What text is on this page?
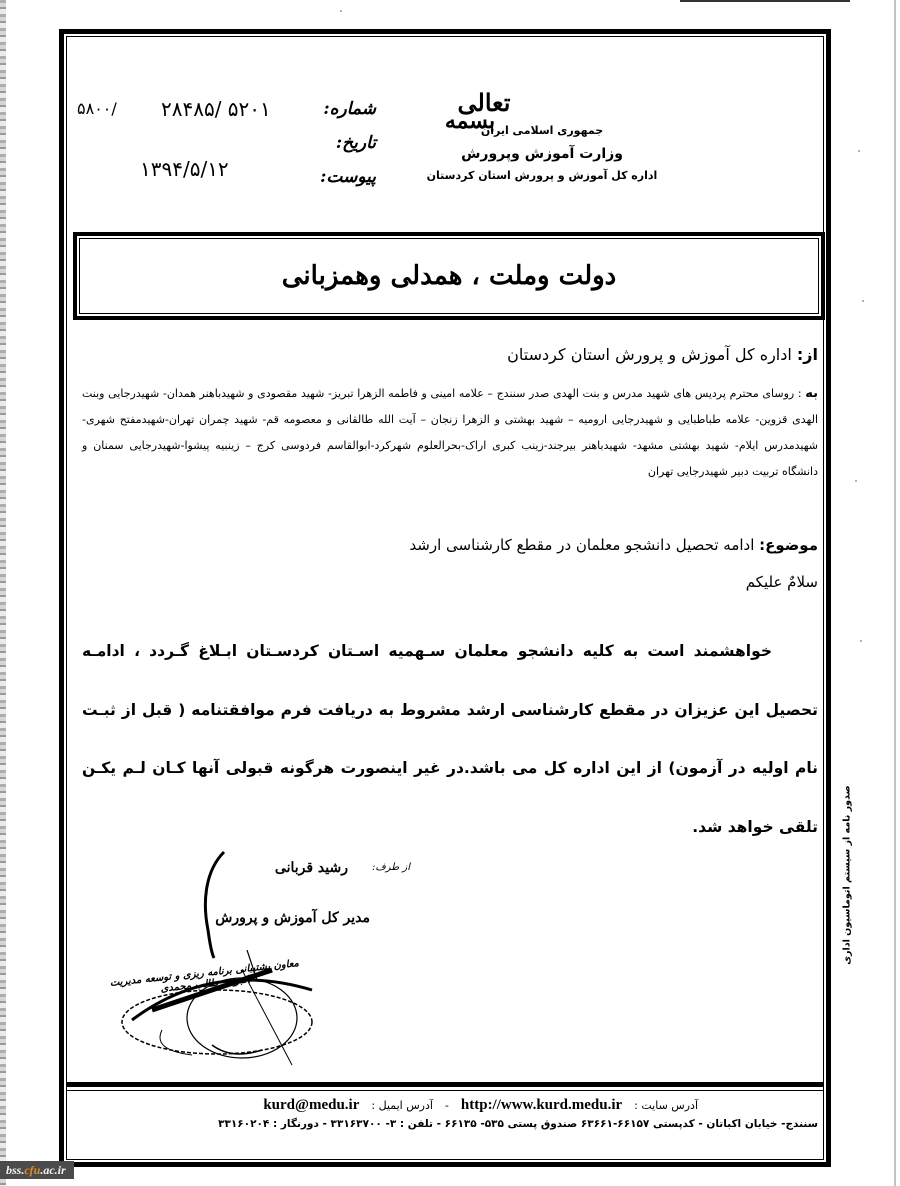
جمهوری اسلامی ایران
وزارت آموزش وپرورش
اداره کل آموزش و پرورش استان کردستان
تعالی
بسمه
شماره:
تاریخ:
پیوست:
۵۸۰۰/ ۲۸۴۸۵/ ۵۲۰۱
۱۳۹۴/۵/۱۲
دولت وملت ، همدلی وهمزبانی
از: اداره کل آموزش و پرورش استان کردستان
به : روسای محترم پردیس های شهید مدرس و بنت الهدی صدر سنندج – علامه امینی و فاطمه الزهرا تبریز- شهید مقصودی و شهیدباهنر همدان- شهیدرجایی وبنت الهدی قزوین- علامه طباطبایی و شهیدرجایی ارومیه – شهید بهشتی و الزهرا زنجان – آیت الله طالقانی و معصومه قم- شهید چمران تهران-شهیدمفتح شهری-شهیدمدرس ایلام- شهید بهشتی مشهد- شهیدباهنر بیرجند-زینب کبری اراک-بحرالعلوم شهرکرد-ابوالقاسم فردوسی کرج – زینبیه پیشوا-شهیدرجایی سمنان و دانشگاه تربیت دبیر شهیدرجایی تهران
موضوع: ادامه تحصیل دانشجو معلمان در مقطع کارشناسی ارشد
سلامٌ علیکم
خواهشمند است به کلیه دانشجو معلمان سـهمیه اسـتان کردسـتان ابـلاغ گـردد ، ادامـه تحصیل این عزیزان در مقطع کارشناسی ارشد مشروط به دریافت فرم موافقتنامه ( قبل از ثبـت نام اولیه در آزمون) از این اداره کل می باشد.در غیر اینصورت هرگونه قبولی آنها کـان لـم یکـن تلقی خواهد شد.
از طرف:
رشید قربانی
مدیر کل آموزش و پرورش
معاون پشتیبانی برنامه ریزی و توسعه مدیریت اکبرپور طالب محمدی
آدرس سایت :
http://www.kurd.medu.ir
-
آدرس ایمیل :
kurd@medu.ir
سنندج- خیابان اکباتان - کدپستی ۶۶۱۵۷-۶۳۶۶۱ صندوق پستی ۵۳۵- ۶۶۱۳۵ - تلفن : ۳- ۳۳۱۶۳۷۰۰ - دورنگار : ۳۳۱۶۰۲۰۴
صدور نامه از سیستم اتوماسیون اداری
bss.cfu.ac.ir
